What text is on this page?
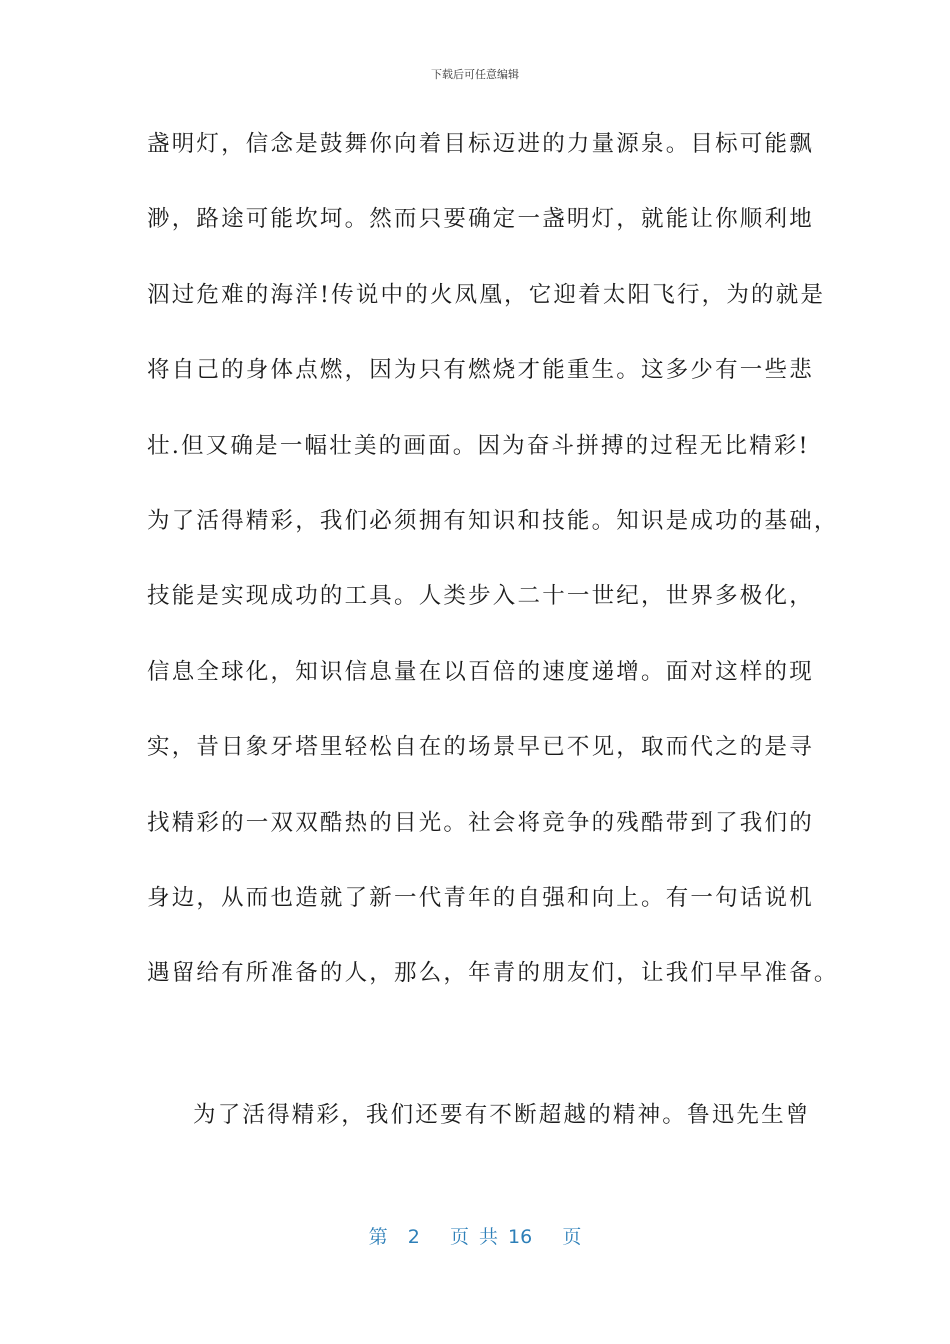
下载后可任意编辑
盏明灯，信念是鼓舞你向着目标迈进的力量源泉。目标可能飘
渺，路途可能坎坷。然而只要确定一盏明灯，就能让你顺利地
泅过危难的海洋!传说中的火凤凰，它迎着太阳飞行，为的就是
将自己的身体点燃，因为只有燃烧才能重生。这多少有一些悲
壮.但又确是一幅壮美的画面。因为奋斗拼搏的过程无比精彩!
为了活得精彩，我们必须拥有知识和技能。知识是成功的基础，
技能是实现成功的工具。人类步入二十一世纪，世界多极化，
信息全球化，知识信息量在以百倍的速度递增。面对这样的现
实，昔日象牙塔里轻松自在的场景早已不见，取而代之的是寻
找精彩的一双双酷热的目光。社会将竞争的残酷带到了我们的
身边，从而也造就了新一代青年的自强和向上。有一句话说机
遇留给有所准备的人，那么，年青的朋友们，让我们早早准备。
为了活得精彩，我们还要有不断超越的精神。鲁迅先生曾
第  2   页 共 16   页
